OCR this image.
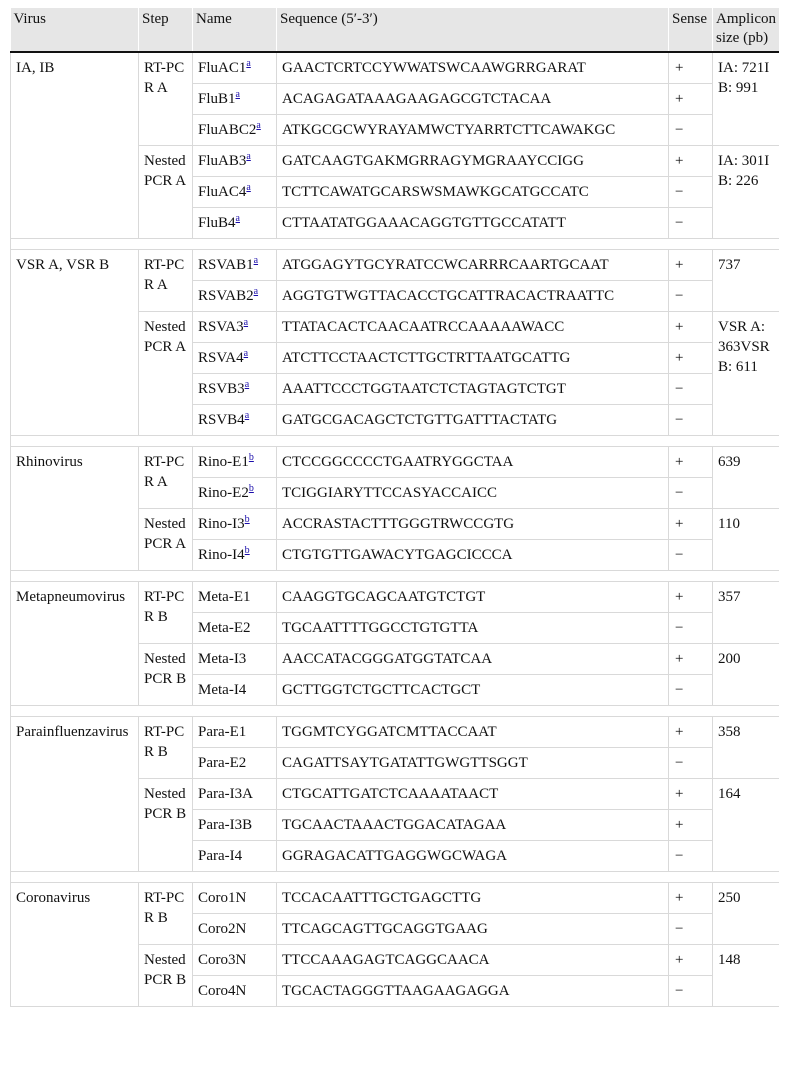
Virus	Step	Name	Sequence (5′-3′)	Sense	Amplicon size (pb)
IA, IB	RT-PCR A	FluAC1$^a$	GAACTCRTCCYWWATSWCAAWGRRGARAT	+	IA: 721IB: 991
		FluB1$^a$	ACAGAGATAAAGAAGAGCGTCTACAA	+	
		FluABC2$^a$	ATKGCGCWYRAYAMWCTYARRTCTTCAWAKGC	−	
	Nested PCR A	FluAB3$^a$	GATCAAGTGAKMGRRAGYMGRAAYCCIGG	+	IA: 301IB: 226
		FluAC4$^a$	TCTTCAWATGCARSWSMAWKGCATGCCATC	−	
		FluB4$^a$	CTTAATATGGAAACAGGTGTTGCCATATT	−	

VSR A, VSR B	RT-PCR A	RSVAB1$^a$	ATGGAGYTGCYRATCCWCARRRCAARTGCAAT	+	737
		RSVAB2$^a$	AGGTGTWGTTACACCTGCATTRACACTRAATTC	−	
	Nested PCR A	RSVA3$^a$	TTATACACTCAACAATRCCAAAAAWACC	+	VSR A: 363VSR B: 611
		RSVA4$^a$	ATCTTCCTAACTCTTGCTRTTAATGCATTG	+	
		RSVB3$^a$	AAATTCCCTGGTAATCTCTAGTAGTCTGT	−	
		RSVB4$^a$	GATGCGACAGCTCTGTTGATTTACTATG	−	

Rhinovirus	RT-PCR A	Rino-E1$^b$	CTCCGGCCCCTGAATRYGGCTAA	+	639
		Rino-E2$^b$	TCIGGIARYTTCCASYACCAICC	−	
	Nested PCR A	Rino-I3$^b$	ACCRASTACTTTGGGTRWCCGTG	+	110
		Rino-I4$^b$	CTGTGTTGAWACYTGAGCICCCA	−	

Metapneumovirus	RT-PCR B	Meta-E1	CAAGGTGCAGCAATGTCTGT	+	357
		Meta-E2	TGCAATTTTGGCCTGTGTTA	−	
	Nested PCR B	Meta-I3	AACCATACGGGATGGTATCAA	+	200
		Meta-I4	GCTTGGTCTGCTTCACTGCT	−	

Parainfluenzavirus	RT-PCR B	Para-E1	TGGMTCYGGATCMTTACCAAT	+	358
		Para-E2	CAGATTSAYTGATATTGWGTTSGGT	−	
	Nested PCR B	Para-I3A	CTGCATTGATCTCAAAATAACT	+	164
		Para-I3B	TGCAACTAAACTGGACATAGAA	+	
		Para-I4	GGRAGACATTGAGGWGCWAGA	−	

Coronavirus	RT-PCR B	Coro1N	TCCACAATTTGCTGAGCTTG	+	250
		Coro2N	TTCAGCAGTTGCAGGTGAAG	−	
	Nested PCR B	Coro3N	TTCCAAAGAGTCAGGCAACA	+	148
		Coro4N	TGCACTAGGGTTAAGAAGAGGA	−	
